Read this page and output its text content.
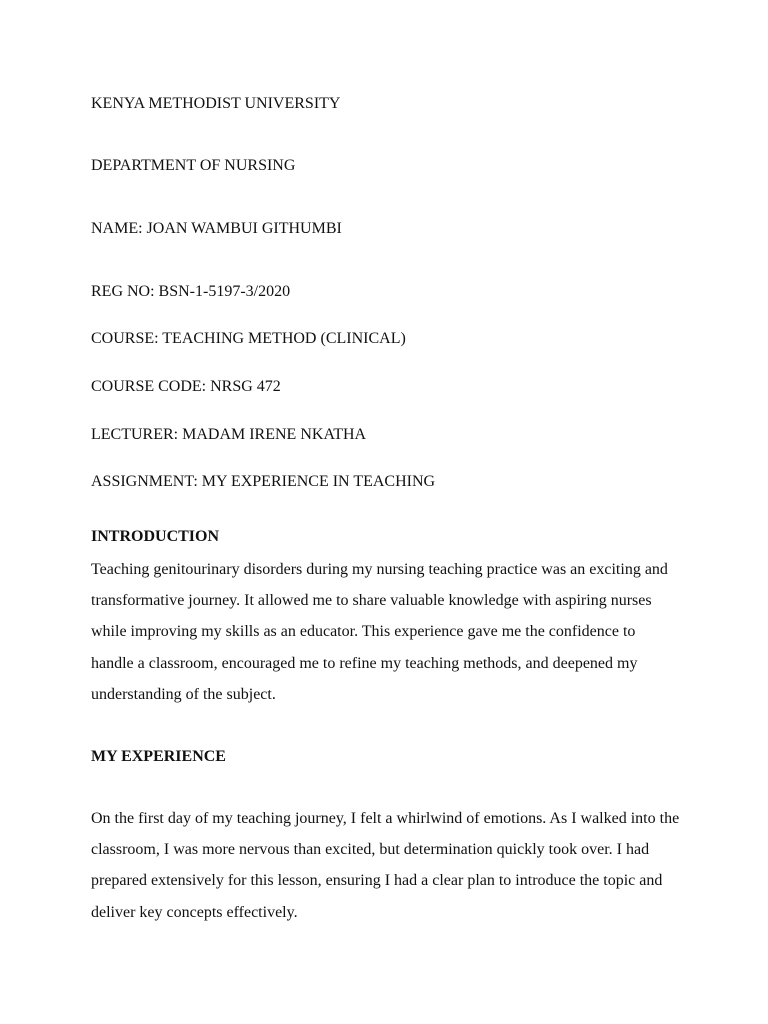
KENYA METHODIST UNIVERSITY

DEPARTMENT OF NURSING

NAME: JOAN WAMBUI GITHUMBI

REG NO: BSN-1-5197-3/2020

COURSE: TEACHING METHOD (CLINICAL)

COURSE CODE: NRSG 472

LECTURER: MADAM IRENE NKATHA

ASSIGNMENT: MY EXPERIENCE IN TEACHING

INTRODUCTION

Teaching genitourinary disorders during my nursing teaching practice was an exciting and transformative journey. It allowed me to share valuable knowledge with aspiring nurses while improving my skills as an educator. This experience gave me the confidence to handle a classroom, encouraged me to refine my teaching methods, and deepened my understanding of the subject.

MY EXPERIENCE

On the first day of my teaching journey, I felt a whirlwind of emotions. As I walked into the classroom, I was more nervous than excited, but determination quickly took over. I had prepared extensively for this lesson, ensuring I had a clear plan to introduce the topic and deliver key concepts effectively.
